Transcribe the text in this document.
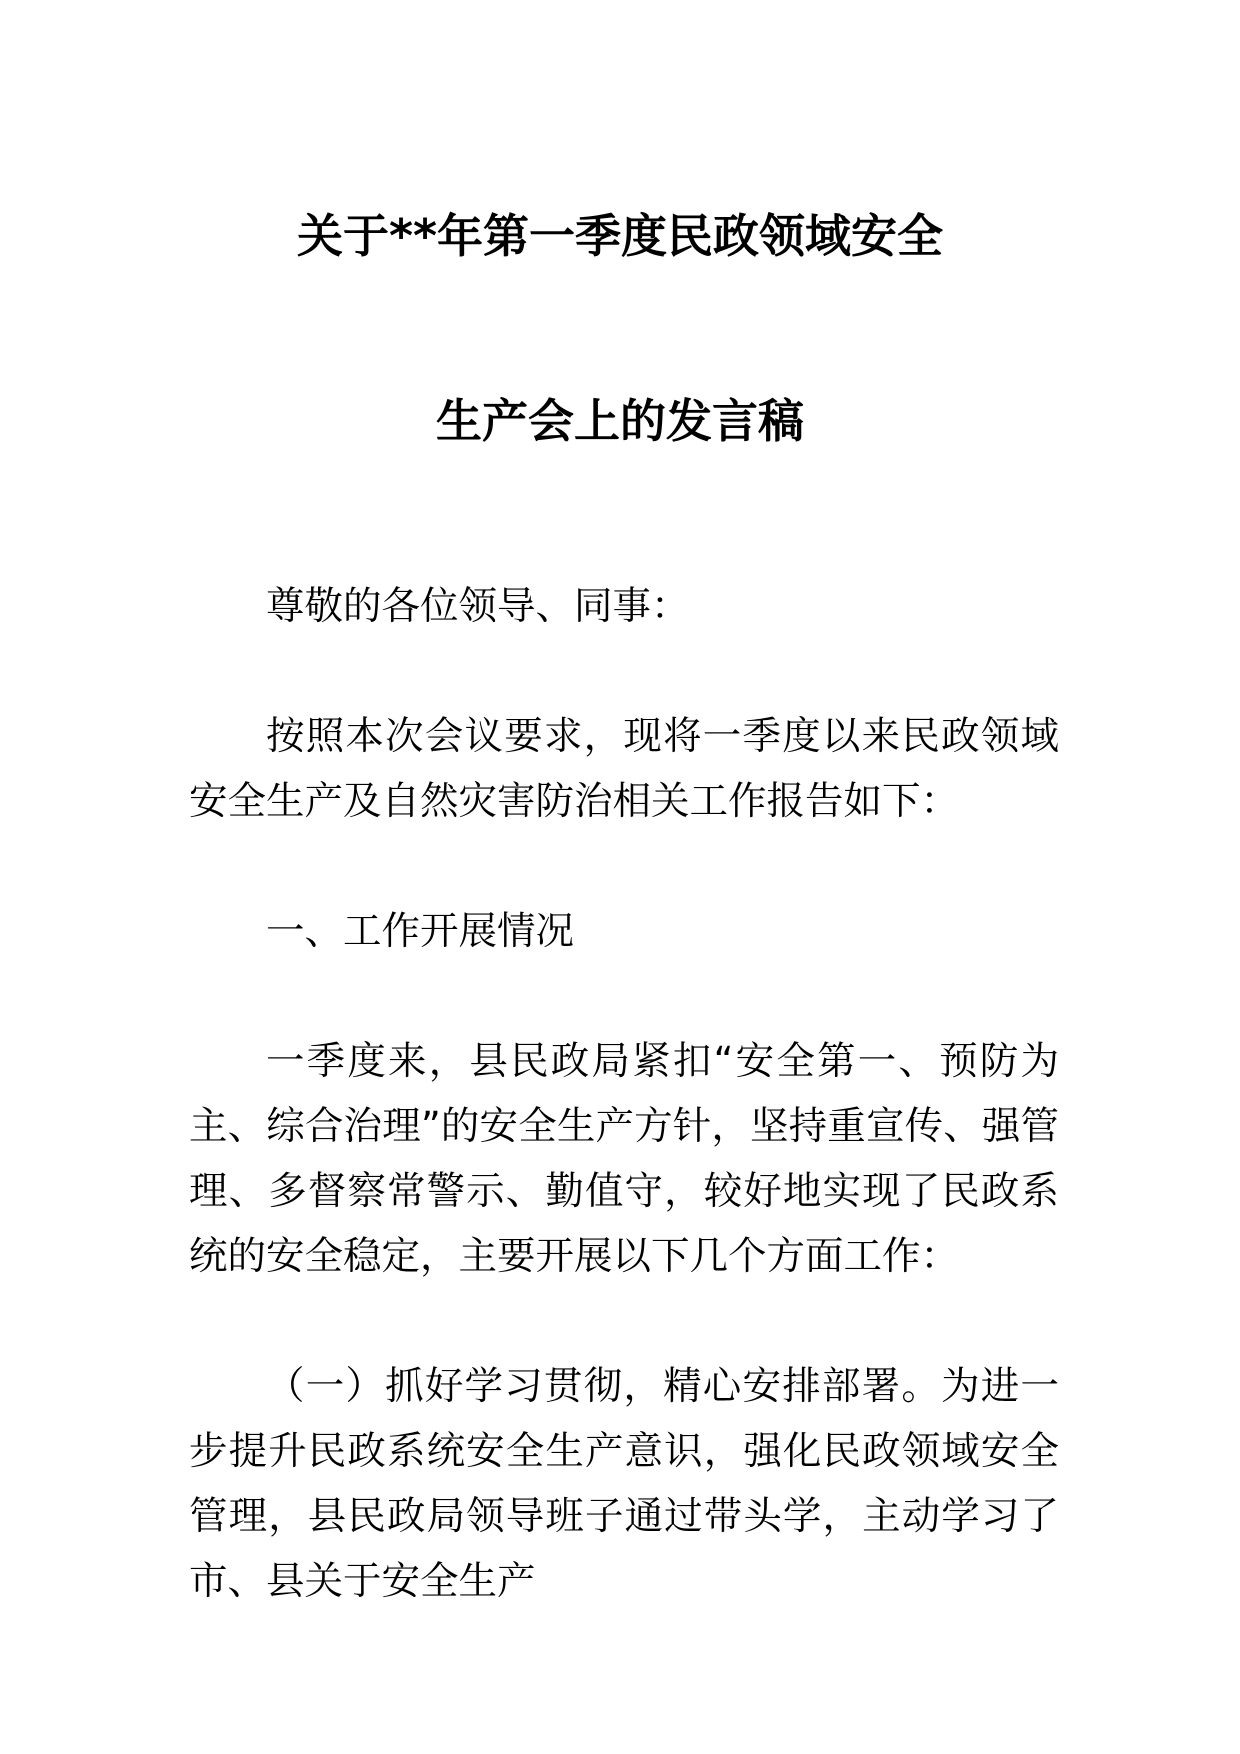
关于**年第一季度民政领域安全
生产会上的发言稿

尊敬的各位领导、同事：

按照本次会议要求，现将一季度以来民政领域安全生产及自然灾害防治相关工作报告如下：

一、工作开展情况

一季度来，县民政局紧扣“安全第一、预防为主、综合治理”的安全生产方针，坚持重宣传、强管理、多督察常警示、勤值守，较好地实现了民政系统的安全稳定，主要开展以下几个方面工作：

（一）抓好学习贯彻，精心安排部署。为进一步提升民政系统安全生产意识，强化民政领域安全管理，县民政局领导班子通过带头学，主动学习了市、县关于安全生产
